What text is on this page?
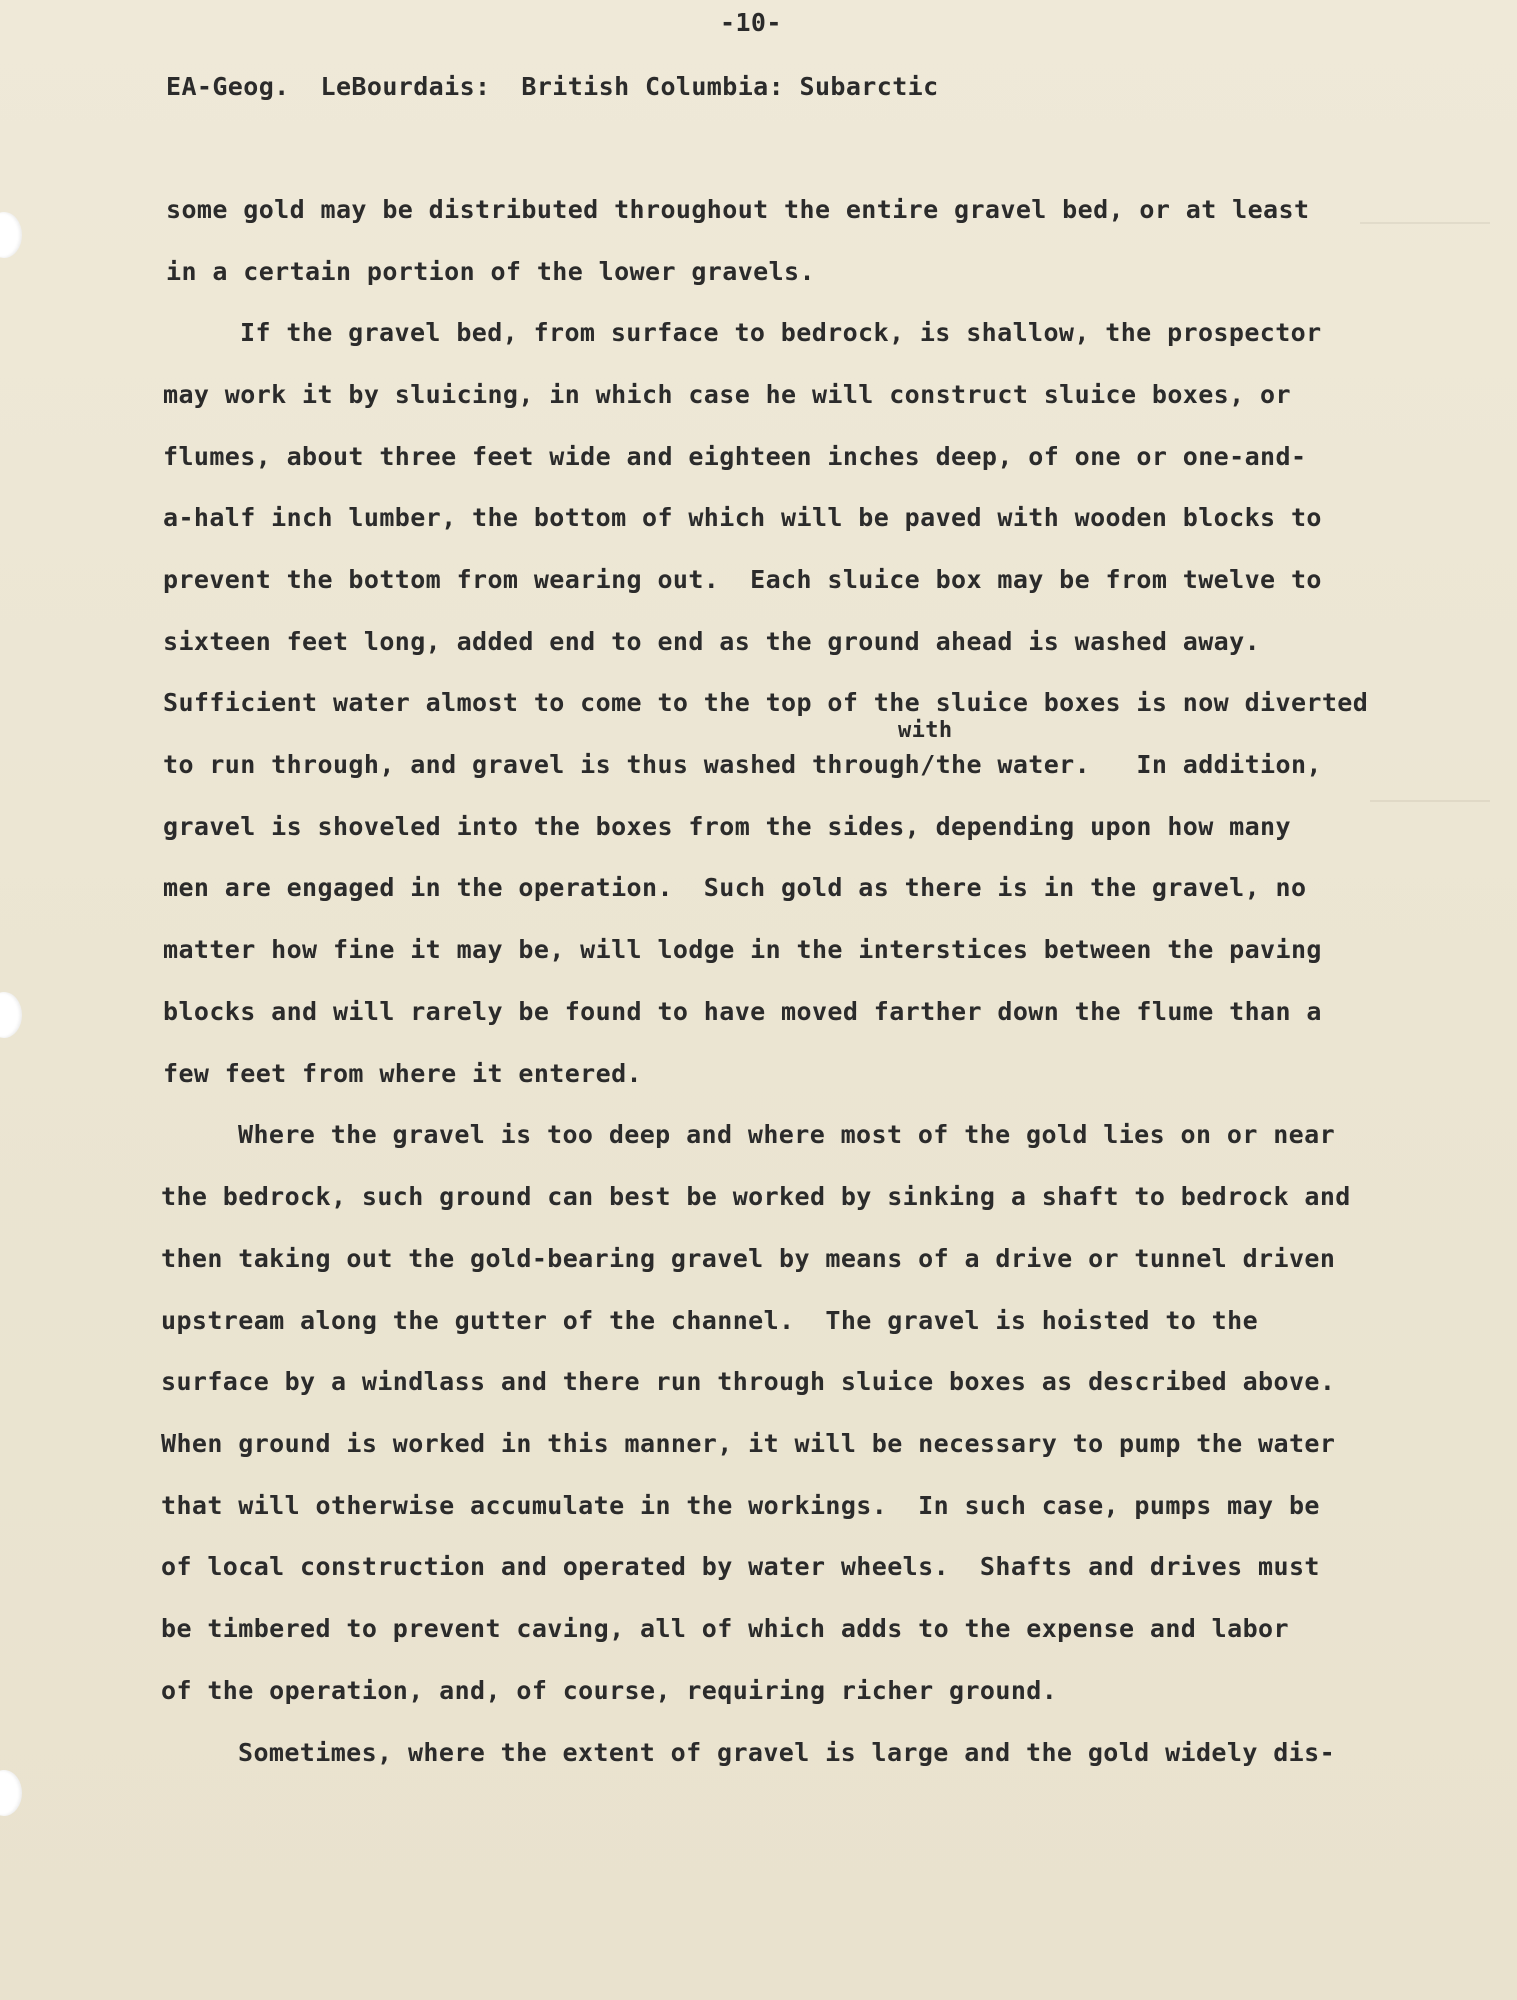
-10-
EA-Geog.  LeBourdais:  British Columbia: Subarctic
some gold may be distributed throughout the entire gravel bed, or at least
in a certain portion of the lower gravels.
If the gravel bed, from surface to bedrock, is shallow, the prospector
may work it by sluicing, in which case he will construct sluice boxes, or
flumes, about three feet wide and eighteen inches deep, of one or one-and-
a-half inch lumber, the bottom of which will be paved with wooden blocks to
prevent the bottom from wearing out.  Each sluice box may be from twelve to
sixteen feet long, added end to end as the ground ahead is washed away.
Sufficient water almost to come to the top of the sluice boxes is now diverted
with
to run through, and gravel is thus washed through/the water.   In addition,
gravel is shoveled into the boxes from the sides, depending upon how many
men are engaged in the operation.  Such gold as there is in the gravel, no
matter how fine it may be, will lodge in the interstices between the paving
blocks and will rarely be found to have moved farther down the flume than a
few feet from where it entered.
Where the gravel is too deep and where most of the gold lies on or near
the bedrock, such ground can best be worked by sinking a shaft to bedrock and
then taking out the gold-bearing gravel by means of a drive or tunnel driven
upstream along the gutter of the channel.  The gravel is hoisted to the
surface by a windlass and there run through sluice boxes as described above.
When ground is worked in this manner, it will be necessary to pump the water
that will otherwise accumulate in the workings.  In such case, pumps may be
of local construction and operated by water wheels.  Shafts and drives must
be timbered to prevent caving, all of which adds to the expense and labor
of the operation, and, of course, requiring richer ground.
Sometimes, where the extent of gravel is large and the gold widely dis-
